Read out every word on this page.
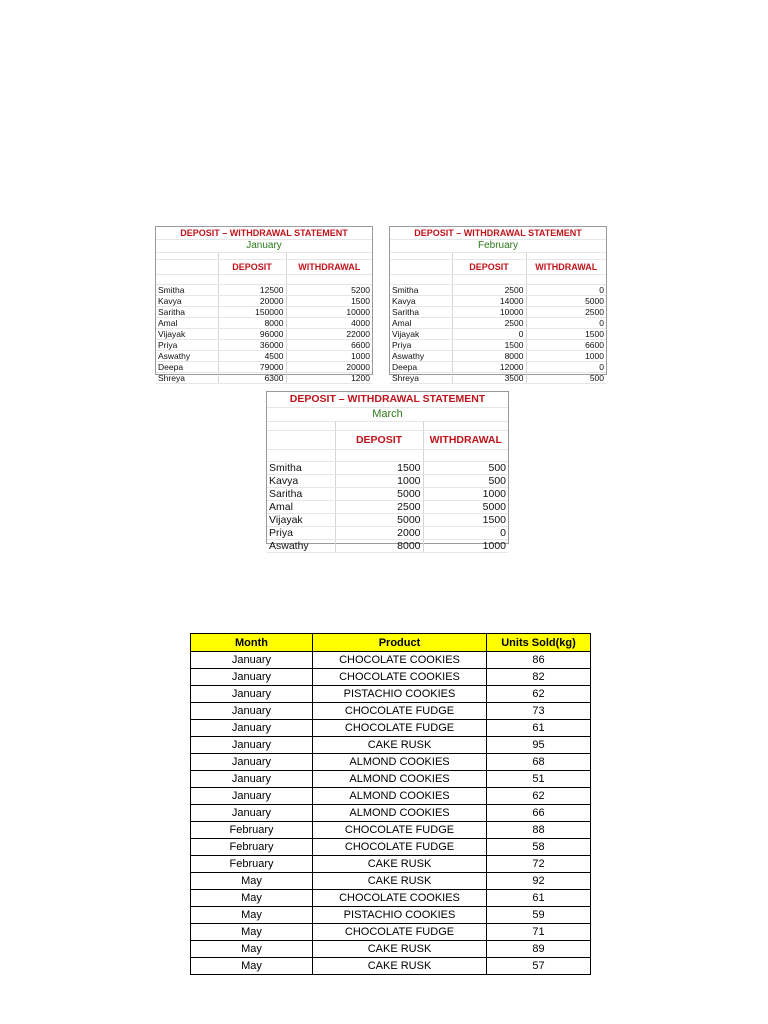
DEPOSIT – WITHDRAWAL STATEMENT		
January		

	DEPOSIT	WITHDRAWAL

Smitha	12500	5200
Kavya	20000	1500
Saritha	150000	10000
Amal	8000	4000
Vijayak	96000	22000
Priya	36000	6600
Aswathy	4500	1000
Deepa	79000	20000
Shreya	6300	1200
DEPOSIT – WITHDRAWAL STATEMENT		
February		

	DEPOSIT	WITHDRAWAL

Smitha	2500	0
Kavya	14000	5000
Saritha	10000	2500
Amal	2500	0
Vijayak	0	1500
Priya	1500	6600
Aswathy	8000	1000
Deepa	12000	0
Shreya	3500	500
DEPOSIT – WITHDRAWAL STATEMENT		
March		

	DEPOSIT	WITHDRAWAL

Smitha	1500	500
Kavya	1000	500
Saritha	5000	1000
Amal	2500	5000
Vijayak	5000	1500
Priya	2000	0
Aswathy	8000	1000
Month	Product	Units Sold(kg)
January	CHOCOLATE COOKIES	86
January	CHOCOLATE COOKIES	82
January	PISTACHIO COOKIES	62
January	CHOCOLATE FUDGE	73
January	CHOCOLATE FUDGE	61
January	CAKE RUSK	95
January	ALMOND COOKIES	68
January	ALMOND COOKIES	51
January	ALMOND COOKIES	62
January	ALMOND COOKIES	66
February	CHOCOLATE FUDGE	88
February	CHOCOLATE FUDGE	58
February	CAKE RUSK	72
May	CAKE RUSK	92
May	CHOCOLATE COOKIES	61
May	PISTACHIO COOKIES	59
May	CHOCOLATE FUDGE	71
May	CAKE RUSK	89
May	CAKE RUSK	57
